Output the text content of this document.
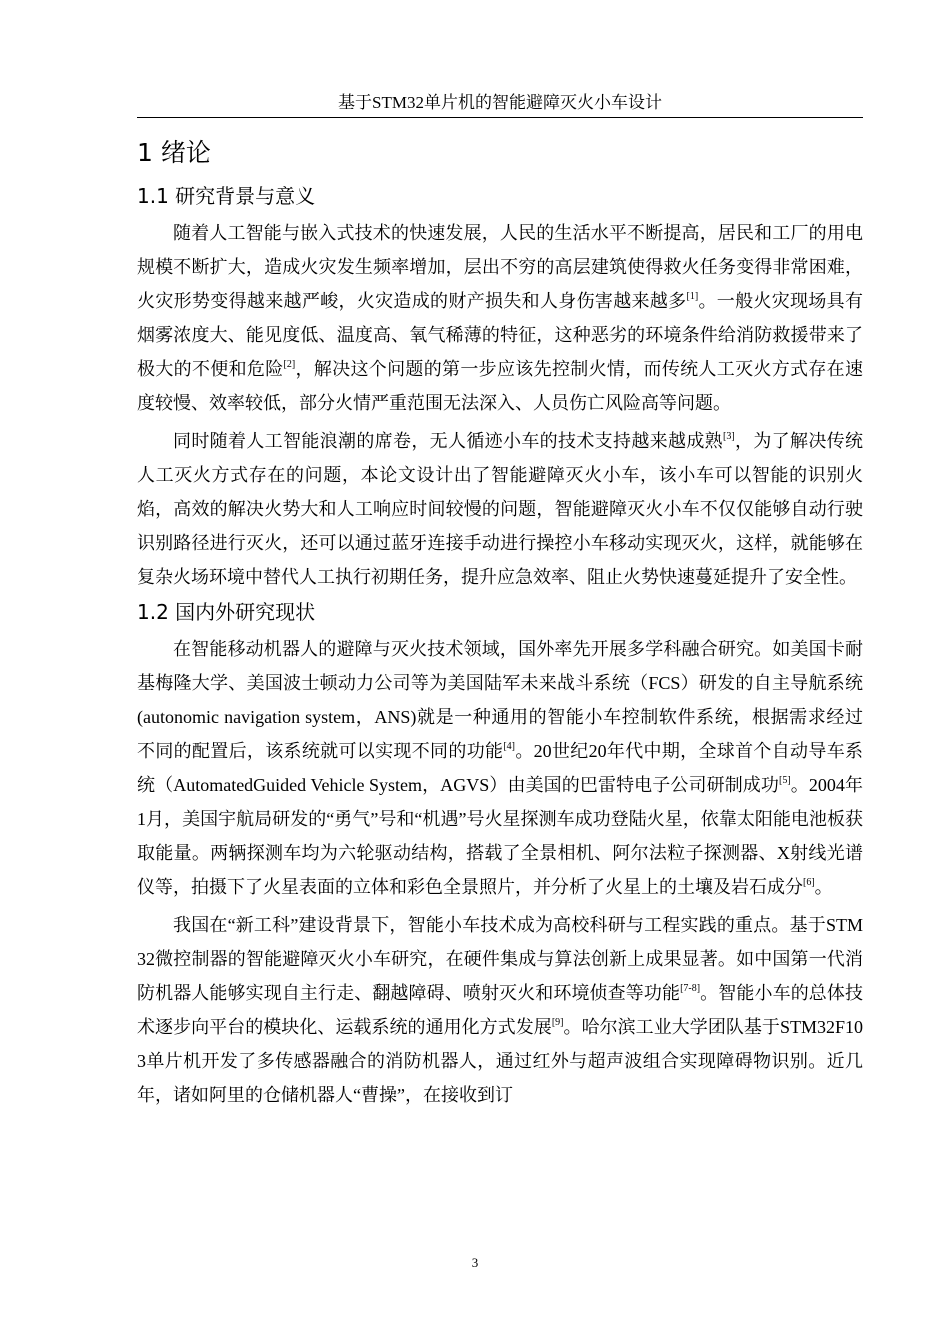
基于STM32单片机的智能避障灭火小车设计
1 绪论
1.1 研究背景与意义

随着人工智能与嵌入式技术的快速发展，人民的生活水平不断提高，居民和工厂的用电规模不断扩大，造成火灾发生频率增加，层出不穷的高层建筑使得救火任务变得非常困难，火灾形势变得越来越严峻，火灾造成的财产损失和人身伤害越来越多[1]。一般火灾现场具有烟雾浓度大、能见度低、温度高、氧气稀薄的特征，这种恶劣的环境条件给消防救援带来了极大的不便和危险[2]，解决这个问题的第一步应该先控制火情，而传统人工灭火方式存在速度较慢、效率较低，部分火情严重范围无法深入、人员伤亡风险高等问题。

同时随着人工智能浪潮的席卷，无人循迹小车的技术支持越来越成熟[3]，为了解决传统人工灭火方式存在的问题，本论文设计出了智能避障灭火小车，该小车可以智能的识别火焰，高效的解决火势大和人工响应时间较慢的问题，智能避障灭火小车不仅仅能够自动行驶识别路径进行灭火，还可以通过蓝牙连接手动进行操控小车移动实现灭火，这样，就能够在复杂火场环境中替代人工执行初期任务，提升应急效率、阻止火势快速蔓延提升了安全性。

1.2 国内外研究现状

在智能移动机器人的避障与灭火技术领域，国外率先开展多学科融合研究。如美国卡耐基梅隆大学、美国波士顿动力公司等为美国陆军未来战斗系统（FCS）研发的自主导航系统(autonomic navigation system，ANS)就是一种通用的智能小车控制软件系统，根据需求经过不同的配置后，该系统就可以实现不同的功能[4]。20世纪20年代中期，全球首个自动导车系统（AutomatedGuided Vehicle System，AGVS）由美国的巴雷特电子公司研制成功[5]。2004年1月，美国宇航局研发的“勇气”号和“机遇”号火星探测车成功登陆火星，依靠太阳能电池板获取能量。两辆探测车均为六轮驱动结构，搭载了全景相机、阿尔法粒子探测器、X射线光谱仪等，拍摄下了火星表面的立体和彩色全景照片，并分析了火星上的土壤及岩石成分[6]。

我国在“新工科”建设背景下，智能小车技术成为高校科研与工程实践的重点。基于STM32微控制器的智能避障灭火小车研究，在硬件集成与算法创新上成果显著。如中国第一代消防机器人能够实现自主行走、翻越障碍、喷射灭火和环境侦查等功能[7-8]。智能小车的总体技术逐步向平台的模块化、运载系统的通用化方式发展[9]。哈尔滨工业大学团队基于STM32F103单片机开发了多传感器融合的消防机器人，通过红外与超声波组合实现障碍物识别。近几年，诸如阿里的仓储机器人“曹操”，在接收到订

3
